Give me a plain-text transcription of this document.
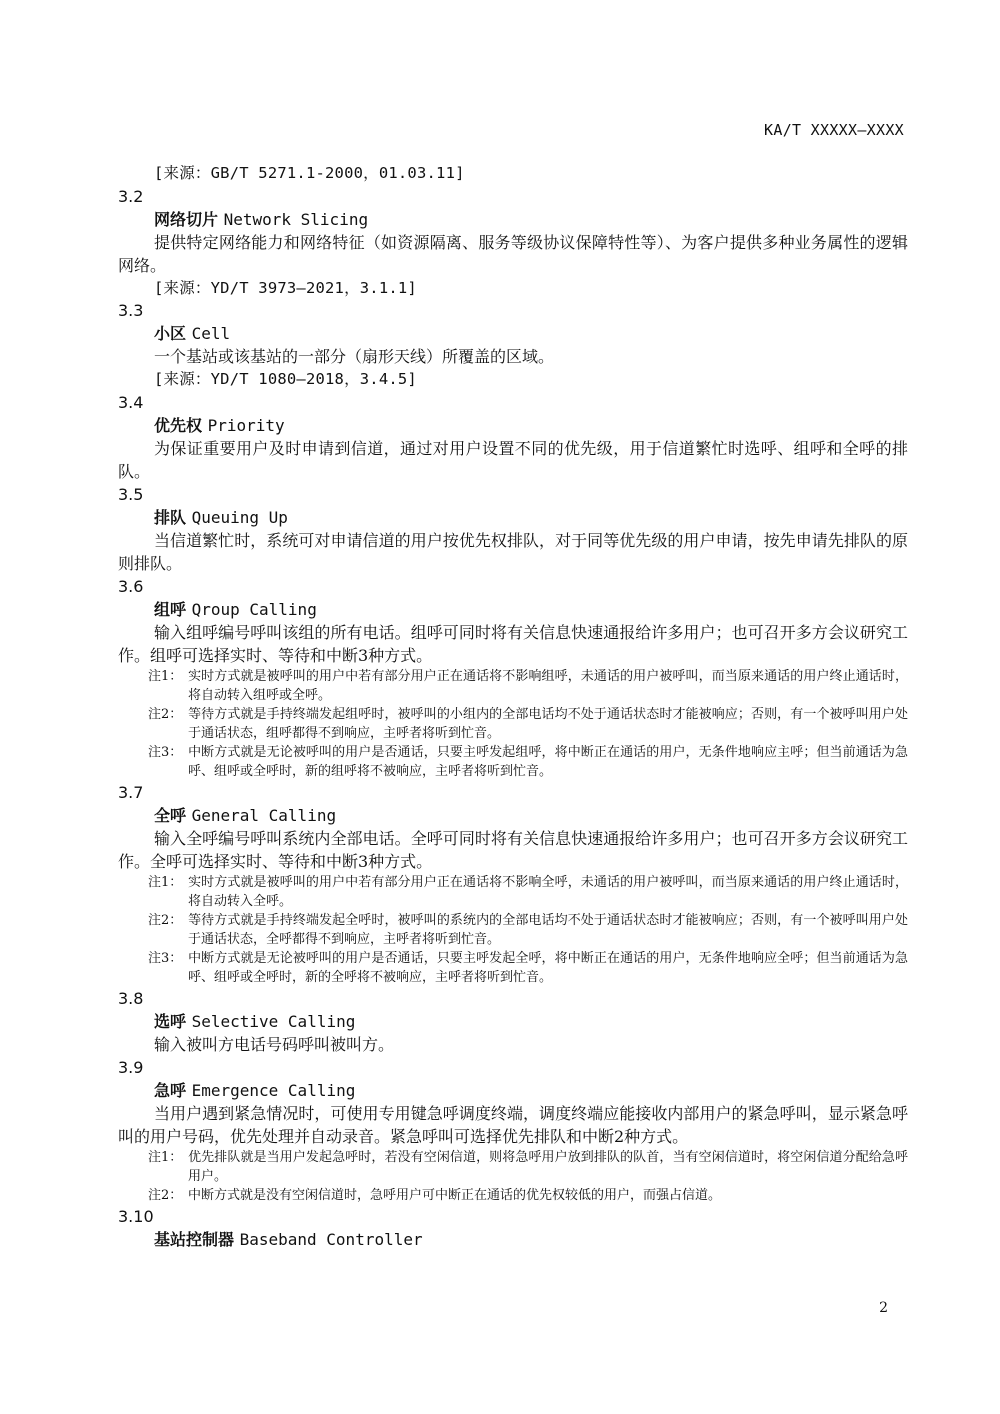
KA/T XXXXX—XXXX
[来源：GB/T 5271.1-2000，01.03.11]
3.2
网络切片 Network Slicing
提供特定网络能力和网络特征（如资源隔离、服务等级协议保障特性等）、为客户提供多种业务属性的逻辑网络。
[来源：YD/T 3973—2021，3.1.1]
3.3
小区 Cell
一个基站或该基站的一部分（扇形天线）所覆盖的区域。
[来源：YD/T 1080—2018，3.4.5]
3.4
优先权 Priority
为保证重要用户及时申请到信道，通过对用户设置不同的优先级，用于信道繁忙时选呼、组呼和全呼的排队。
3.5
排队 Queuing Up
当信道繁忙时，系统可对申请信道的用户按优先权排队，对于同等优先级的用户申请，按先申请先排队的原则排队。
3.6
组呼 Qroup Calling
输入组呼编号呼叫该组的所有电话。组呼可同时将有关信息快速通报给许多用户；也可召开多方会议研究工作。组呼可选择实时、等待和中断3种方式。
注1： 实时方式就是被呼叫的用户中若有部分用户正在通话将不影响组呼，未通话的用户被呼叫，而当原来通话的用户终止通话时，将自动转入组呼或全呼。
注2： 等待方式就是手持终端发起组呼时，被呼叫的小组内的全部电话均不处于通话状态时才能被响应；否则，有一个被呼叫用户处于通话状态，组呼都得不到响应，主呼者将听到忙音。
注3： 中断方式就是无论被呼叫的用户是否通话，只要主呼发起组呼，将中断正在通话的用户，无条件地响应主呼；但当前通话为急呼、组呼或全呼时，新的组呼将不被响应，主呼者将听到忙音。
3.7
全呼 General Calling
输入全呼编号呼叫系统内全部电话。全呼可同时将有关信息快速通报给许多用户；也可召开多方会议研究工作。全呼可选择实时、等待和中断3种方式。
注1： 实时方式就是被呼叫的用户中若有部分用户正在通话将不影响全呼，未通话的用户被呼叫，而当原来通话的用户终止通话时，将自动转入全呼。
注2： 等待方式就是手持终端发起全呼时，被呼叫的系统内的全部电话均不处于通话状态时才能被响应；否则，有一个被呼叫用户处于通话状态，全呼都得不到响应，主呼者将听到忙音。
注3： 中断方式就是无论被呼叫的用户是否通话，只要主呼发起全呼，将中断正在通话的用户，无条件地响应全呼；但当前通话为急呼、组呼或全呼时，新的全呼将不被响应，主呼者将听到忙音。
3.8
选呼 Selective Calling
输入被叫方电话号码呼叫被叫方。
3.9
急呼 Emergence Calling
当用户遇到紧急情况时，可使用专用键急呼调度终端，调度终端应能接收内部用户的紧急呼叫，显示紧急呼叫的用户号码，优先处理并自动录音。紧急呼叫可选择优先排队和中断2种方式。
注1： 优先排队就是当用户发起急呼时，若没有空闲信道，则将急呼用户放到排队的队首，当有空闲信道时，将空闲信道分配给急呼用户。
注2： 中断方式就是没有空闲信道时，急呼用户可中断正在通话的优先权较低的用户，而强占信道。
3.10
基站控制器 Baseband Controller
2
